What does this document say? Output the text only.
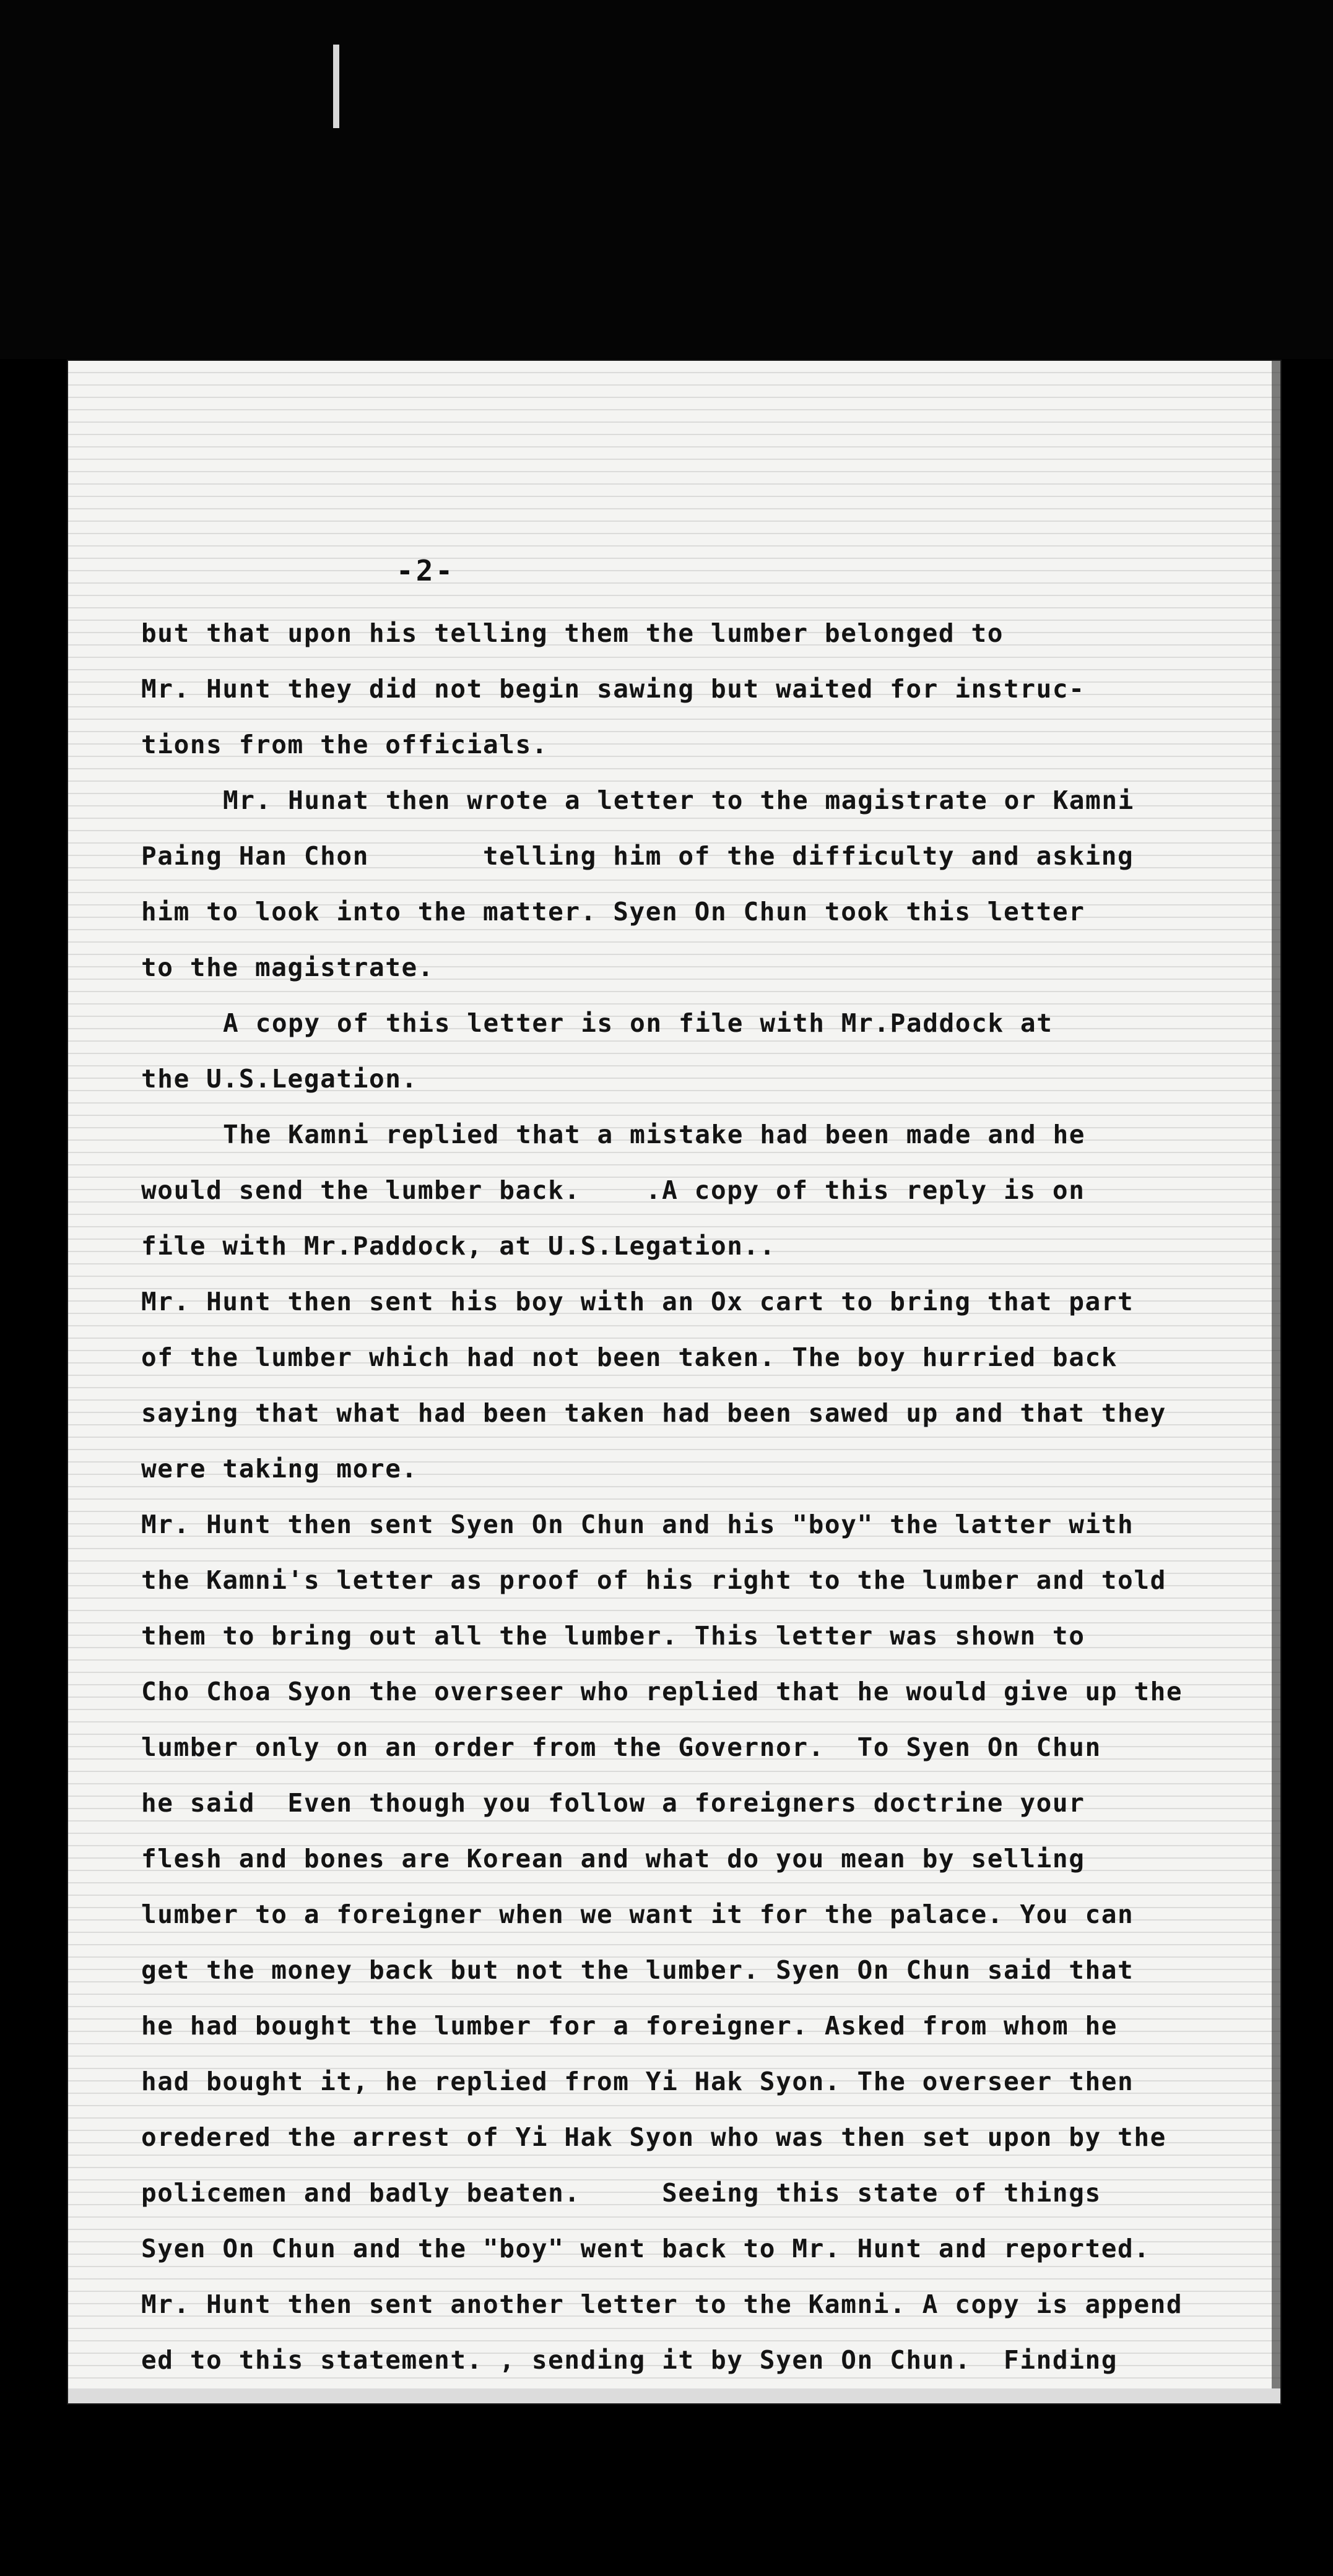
-2-
but that upon his telling them the lumber belonged to
Mr. Hunt they did not begin sawing but waited for instruc-
tions from the officials.
Mr. Hunat then wrote a letter to the magistrate or Kamni
Paing Han Chon       telling him of the difficulty and asking
him to look into the matter. Syen On Chun took this letter
to the magistrate.
A copy of this letter is on file with Mr.Paddock at
the U.S.Legation.
The Kamni replied that a mistake had been made and he
would send the lumber back.    .A copy of this reply is on
file with Mr.Paddock, at U.S.Legation..
Mr. Hunt then sent his boy with an Ox cart to bring that part
of the lumber which had not been taken. The boy hurried back
saying that what had been taken had been sawed up and that they
were taking more.
Mr. Hunt then sent Syen On Chun and his "boy" the latter with
the Kamni's letter as proof of his right to the lumber and told
them to bring out all the lumber. This letter was shown to
Cho Choa Syon the overseer who replied that he would give up the
lumber only on an order from the Governor.  To Syen On Chun
he said  Even though you follow a foreigners doctrine your
flesh and bones are Korean and what do you mean by selling
lumber to a foreigner when we want it for the palace. You can
get the money back but not the lumber. Syen On Chun said that
he had bought the lumber for a foreigner. Asked from whom he
had bought it, he replied from Yi Hak Syon. The overseer then
oredered the arrest of Yi Hak Syon who was then set upon by the
policemen and badly beaten.     Seeing this state of things
Syen On Chun and the "boy" went back to Mr. Hunt and reported.
Mr. Hunt then sent another letter to the Kamni. A copy is append
ed to this statement. , sending it by Syen On Chun.  Finding
